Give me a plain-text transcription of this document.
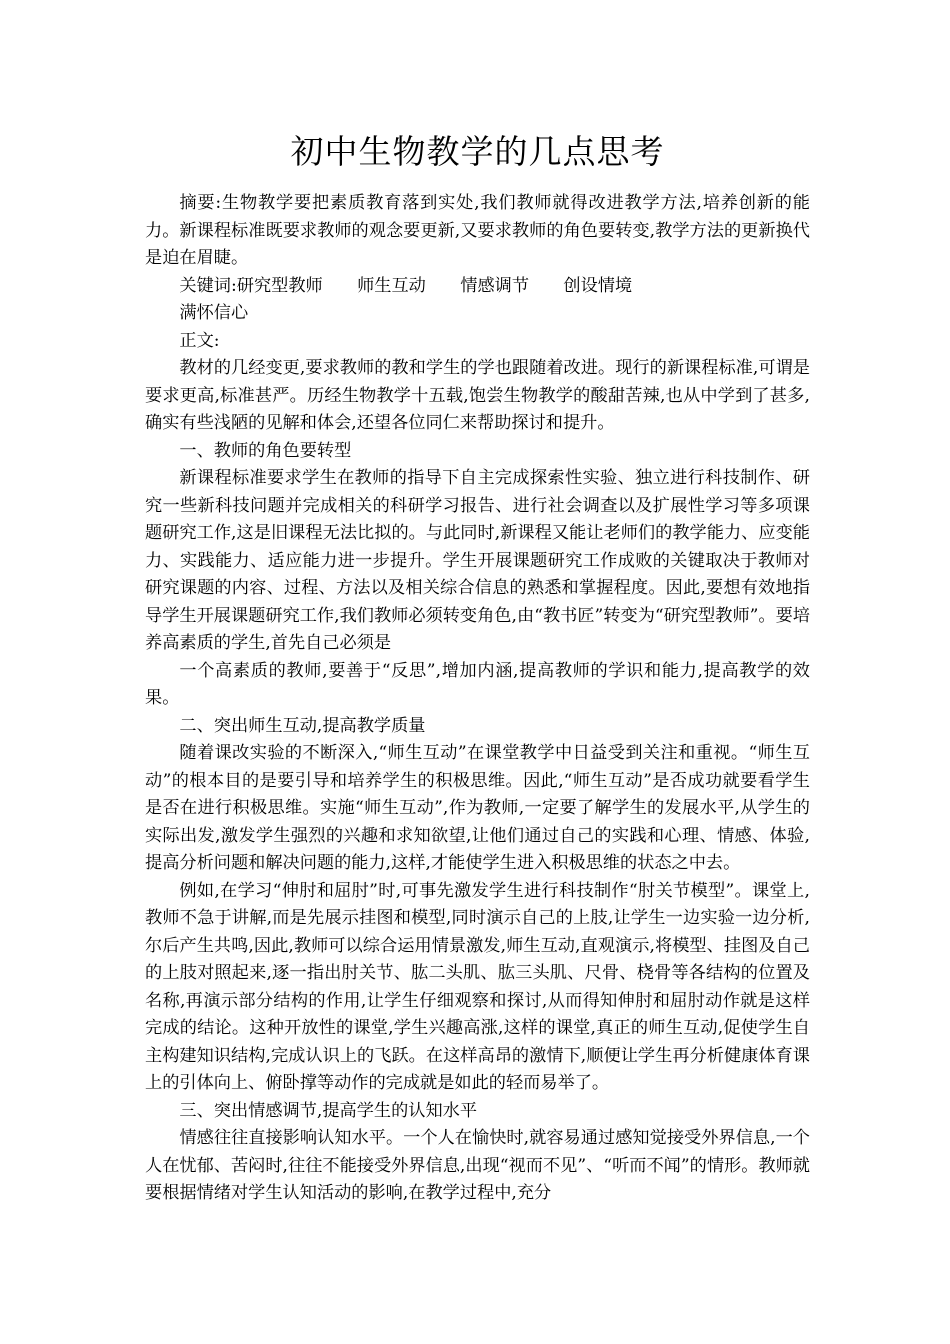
初中生物教学的几点思考

摘要:生物教学要把素质教育落到实处,我们教师就得改进教学方法,培养创新的能力。新课程标准既要求教师的观念要更新,又要求教师的角色要转变,教学方法的更新换代是迫在眉睫。

关键词:研究型教师 师生互动 情感调节 创设情境

满怀信心

正文:

教材的几经变更,要求教师的教和学生的学也跟随着改进。现行的新课程标准,可谓是要求更高,标准甚严。历经生物教学十五载,饱尝生物教学的酸甜苦辣,也从中学到了甚多,确实有些浅陋的见解和体会,还望各位同仁来帮助探讨和提升。

一、教师的角色要转型

新课程标准要求学生在教师的指导下自主完成探索性实验、独立进行科技制作、研究一些新科技问题并完成相关的科研学习报告、进行社会调查以及扩展性学习等多项课题研究工作,这是旧课程无法比拟的。与此同时,新课程又能让老师们的教学能力、应变能力、实践能力、适应能力进一步提升。学生开展课题研究工作成败的关键取决于教师对研究课题的内容、过程、方法以及相关综合信息的熟悉和掌握程度。因此,要想有效地指导学生开展课题研究工作,我们教师必须转变角色,由“教书匠”转变为“研究型教师”。要培养高素质的学生,首先自己必须是

一个高素质的教师,要善于“反思”,增加内涵,提高教师的学识和能力,提高教学的效果。

二、突出师生互动,提高教学质量

随着课改实验的不断深入,“师生互动”在课堂教学中日益受到关注和重视。“师生互动”的根本目的是要引导和培养学生的积极思维。因此,“师生互动”是否成功就要看学生是否在进行积极思维。实施“师生互动”,作为教师,一定要了解学生的发展水平,从学生的实际出发,激发学生强烈的兴趣和求知欲望,让他们通过自己的实践和心理、情感、体验,提高分析问题和解决问题的能力,这样,才能使学生进入积极思维的状态之中去。

例如,在学习“伸肘和屈肘”时,可事先激发学生进行科技制作“肘关节模型”。课堂上,教师不急于讲解,而是先展示挂图和模型,同时演示自己的上肢,让学生一边实验一边分析,尔后产生共鸣,因此,教师可以综合运用情景激发,师生互动,直观演示,将模型、挂图及自己的上肢对照起来,逐一指出肘关节、肱二头肌、肱三头肌、尺骨、桡骨等各结构的位置及名称,再演示部分结构的作用,让学生仔细观察和探讨,从而得知伸肘和屈肘动作就是这样完成的结论。这种开放性的课堂,学生兴趣高涨,这样的课堂,真正的师生互动,促使学生自主构建知识结构,完成认识上的飞跃。在这样高昂的激情下,顺便让学生再分析健康体育课上的引体向上、俯卧撑等动作的完成就是如此的轻而易举了。

三、突出情感调节,提高学生的认知水平

情感往往直接影响认知水平。一个人在愉快时,就容易通过感知觉接受外界信息,一个人在忧郁、苦闷时,往往不能接受外界信息,出现“视而不见”、“听而不闻”的情形。教师就要根据情绪对学生认知活动的影响,在教学过程中,充分
